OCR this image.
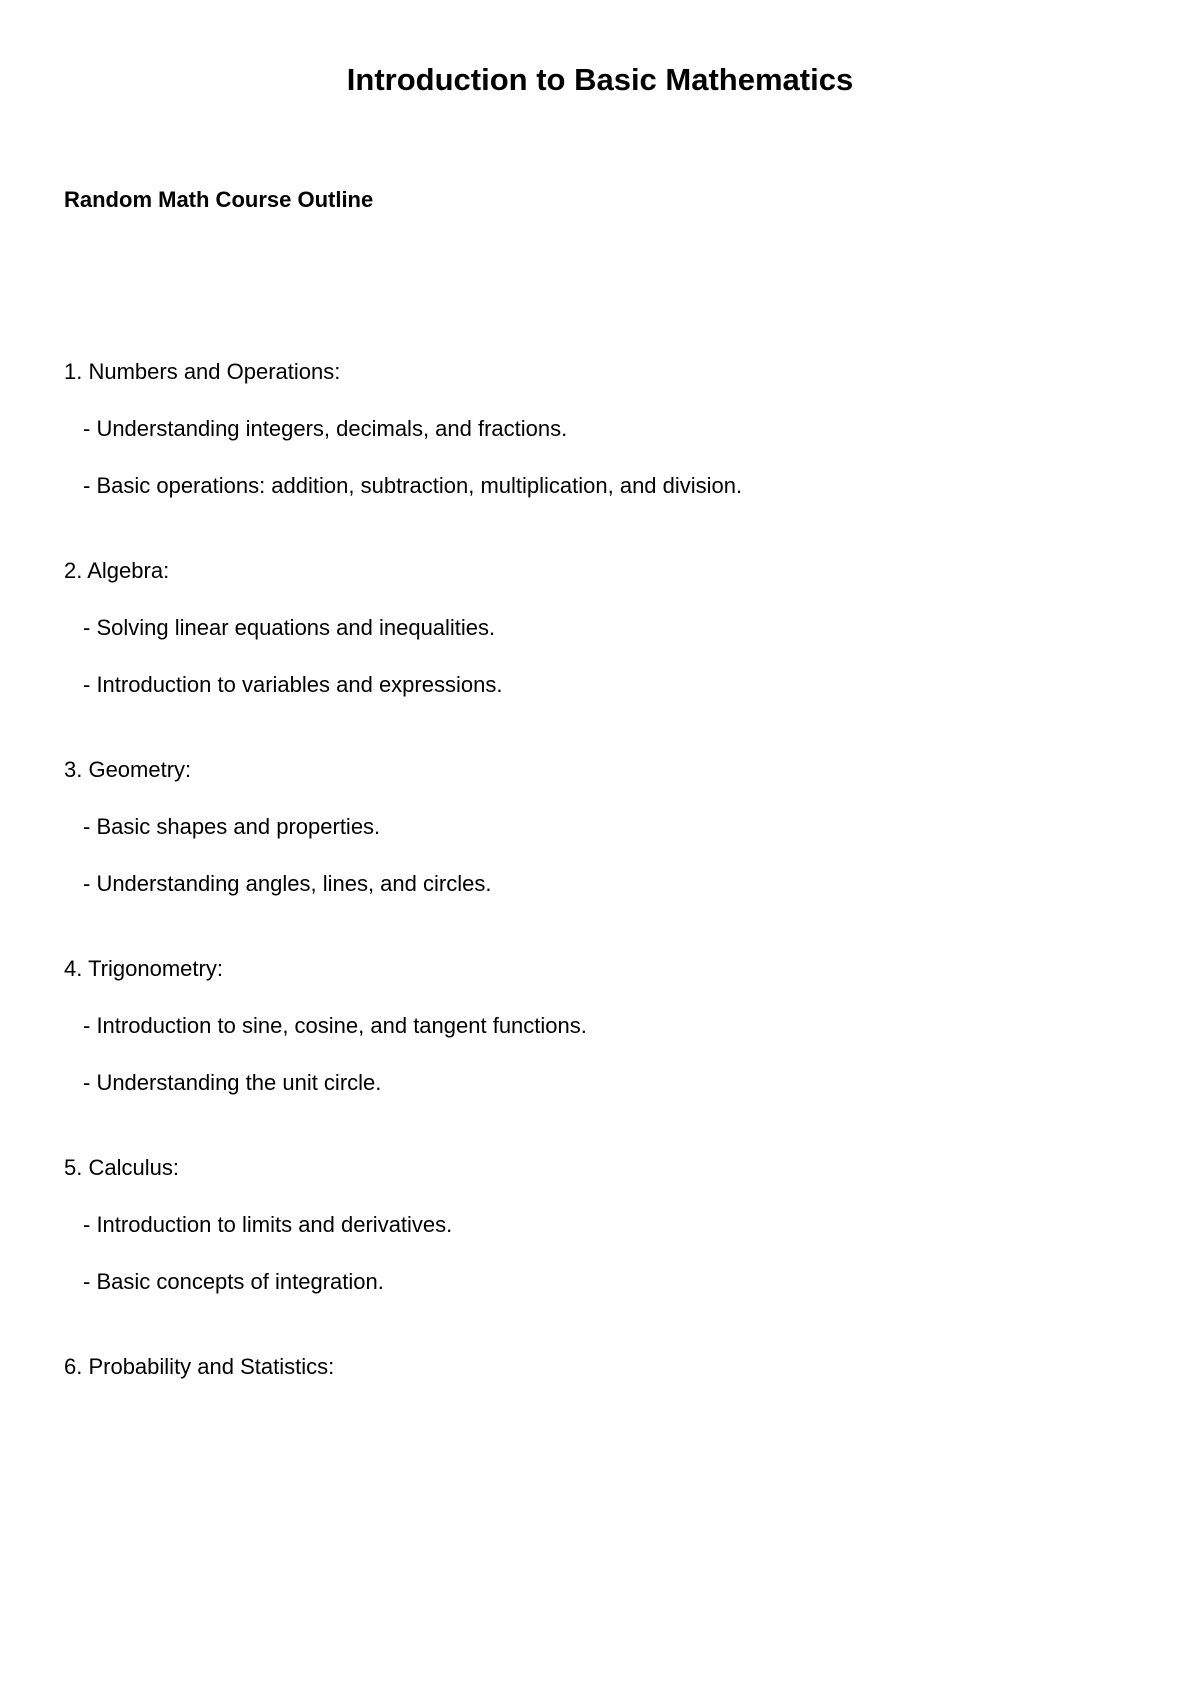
Introduction to Basic Mathematics
Random Math Course Outline

1. Numbers and Operations:

- Understanding integers, decimals, and fractions.
- Basic operations: addition, subtraction, multiplication, and division.

2. Algebra:

- Solving linear equations and inequalities.
- Introduction to variables and expressions.

3. Geometry:

- Basic shapes and properties.
- Understanding angles, lines, and circles.

4. Trigonometry:

- Introduction to sine, cosine, and tangent functions.
- Understanding the unit circle.

5. Calculus:

- Introduction to limits and derivatives.
- Basic concepts of integration.

6. Probability and Statistics:
